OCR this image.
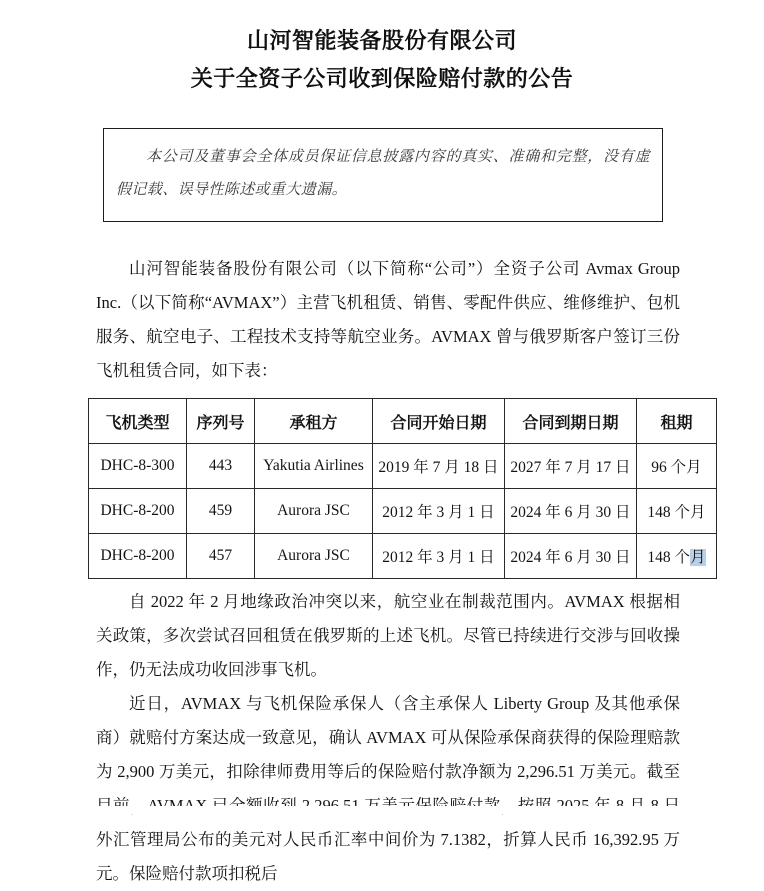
山河智能装备股份有限公司
关于全资子公司收到保险赔付款的公告
本公司及董事会全体成员保证信息披露内容的真实、准确和完整，没有虚假记载、误导性陈述或重大遗漏。

山河智能装备股份有限公司（以下简称“公司”）全资子公司 Avmax Group Inc.（以下简称“AVMAX”）主营飞机租赁、销售、零配件供应、维修维护、包机服务、航空电子、工程技术支持等航空业务。AVMAX 曾与俄罗斯客户签订三份飞机租赁合同，如下表：

飞机类型	序列号	承租方	合同开始日期	合同到期日期	租期
DHC-8-300	443	Yakutia Airlines	2019 年 7 月 18 日	2027 年 7 月 17 日	96 个月
DHC-8-200	459	Aurora JSC	2012 年 3 月 1 日	2024 年 6 月 30 日	148 个月
DHC-8-200	457	Aurora JSC	2012 年 3 月 1 日	2024 年 6 月 30 日	148 个月

自 2022 年 2 月地缘政治冲突以来，航空业在制裁范围内。AVMAX 根据相关政策，多次尝试召回租赁在俄罗斯的上述飞机。尽管已持续进行交涉与回收操作，仍无法成功收回涉事飞机。

近日，AVMAX 与飞机保险承保人（含主承保人 Liberty Group 及其他承保商）就赔付方案达成一致意见，确认 AVMAX 可从保险承保商获得的保险理赔款为 2,900 万美元，扣除律师费用等后的保险赔付款净额为 2,296.51 万美元。截至 外汇管理局公布的美元对人民币汇率中间价为 7.1382，折算人民币 16,392.95 万元。保险赔付款项扣税后
